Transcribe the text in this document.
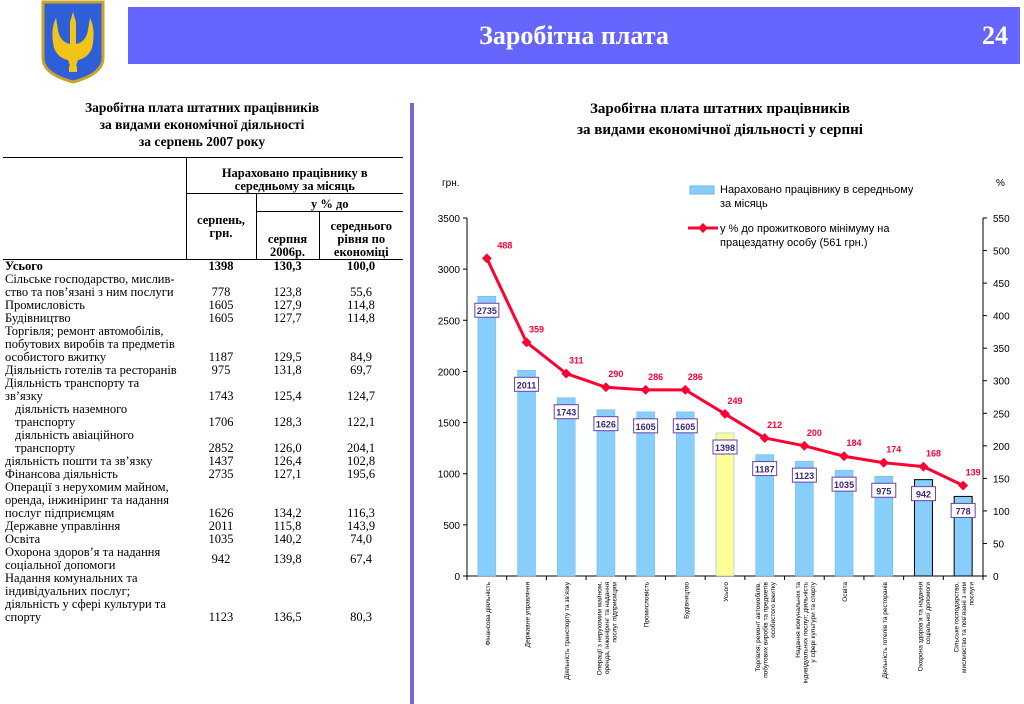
Заробітна плата	24
Заробітна плата штатних працівників
за видами економічної діяльності
за серпень 2007 року
	Нараховано працівнику в середньому за місяць		
		у % до	
	серпень, грн.	серпня 2006р.	середнього рівня по економіці

Усього	1398	130,3	100,0

Сільське господарство, мислив-
ство та пов’язані з ним послуги	778	123,8	55,6

Промисловість	1605	127,9	114,8

Будівництво	1605	127,7	114,8

Торгівля; ремонт автомобілів,
побутових виробів та предметів
особистого вжитку	1187	129,5	84,9

Діяльність готелів та ресторанів	975	131,8	69,7

Діяльність транспорту та
зв’язку	1743	125,4	124,7

діяльність наземного
транспорту	1706	128,3	122,1

діяльність авіаційного
транспорту	2852	126,0	204,1

діяльність пошти та зв’язку	1437	126,4	102,8

Фінансова діяльність	2735	127,1	195,6

Операції з нерухомим майном,
оренда, інжиніринг та надання
послуг підприємцям	1626	134,2	116,3

Державне управління	2011	115,8	143,9

Освіта	1035	140,2	74,0

Охорона здоров’я та надання
соціальної допомоги	942	139,8	67,4

Надання комунальних та
індивідуальних послуг;
діяльність у сфері культури та
спорту	1123	136,5	80,3
Заробітна плата штатних працівників
за видами економічної діяльності у серпні
грн.	%
0
500
1000
1500
2000
2500
3000
3500
0
50
100
150
200
250
300
350
400
450
500
550
488
359
311
290	286	286
249
212
200
184
174	168
139
2735
2011
1743
1626 1605 1605
1398
1187
1123
1035
975	942
778
Фінансова діяльність	Державне управління	Діяльність транспорту та зв’язку	Операції з нерухомим майном, оренда, інжиніринг та надання послуг підприємцям	Промисловість	Будівництво	Усього	Торгівля; ремонт автомобілів, побутових виробів та предметів особистого вжитку	Надання комунальних та індивідуальних послуг; діяльність у сфері культури та спорту	Освіта	Діяльність готелів та ресторанів	Охорона здоров’я та надання соціальної допомоги	Сільське господарство, мисливство та пов’язані з ним послуги
Нараховано працівнику в середньому
за місяць
у % до прожиткового мінімуму на
працездатну особу (561 грн.)
